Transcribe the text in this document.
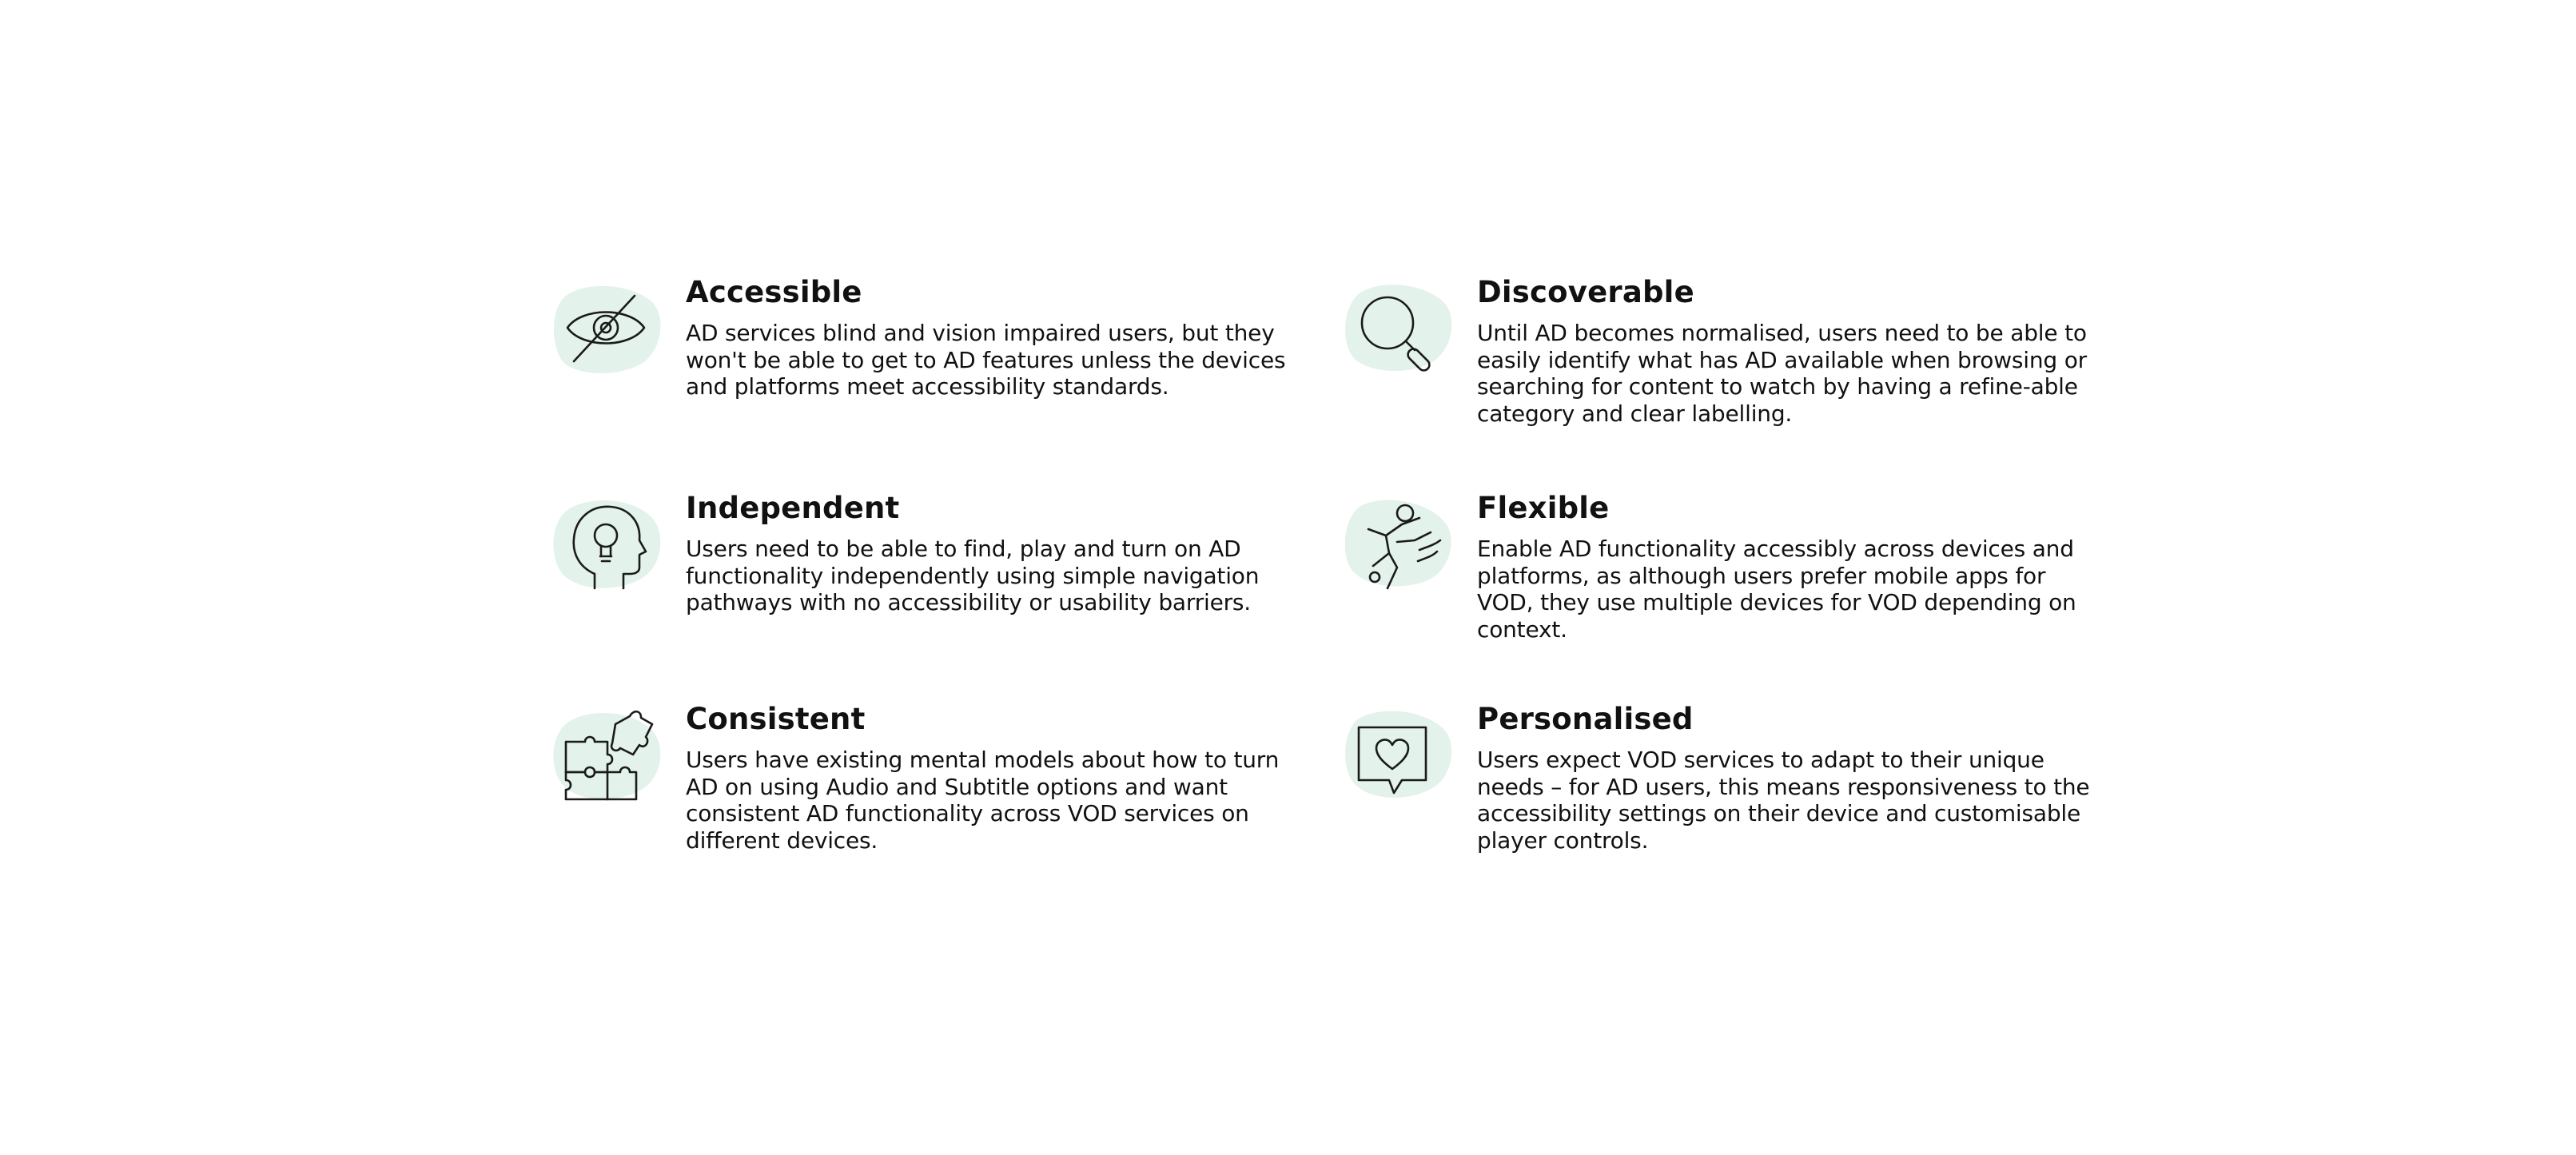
Accessible

AD services blind and vision impaired users, but they won't be able to get to AD features unless the devices and platforms meet accessibility standards.

Discoverable

Until AD becomes normalised, users need to be able to easily identify what has AD available when browsing or searching for content to watch by having a refine-able category and clear labelling.

Independent

Users need to be able to find, play and turn on AD functionality independently using simple navigation pathways with no accessibility or usability barriers.

Flexible

Enable AD functionality accessibly across devices and platforms, as although users prefer mobile apps for VOD, they use multiple devices for VOD depending on context.

Consistent

Users have existing mental models about how to turn AD on using Audio and Subtitle options and want consistent AD functionality across VOD services on different devices.

Personalised

Users expect VOD services to adapt to their unique needs – for AD users, this means responsiveness to the accessibility settings on their device and customisable player controls.
